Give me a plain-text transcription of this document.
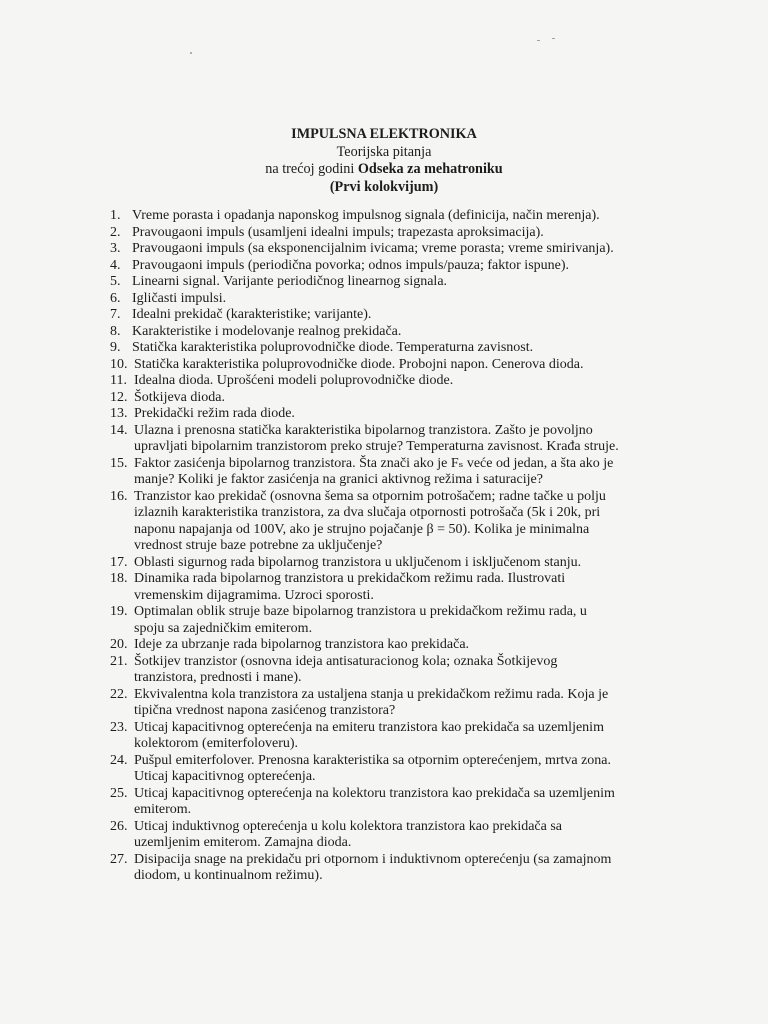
IMPULSNA ELEKTRONIKA
Teorijska pitanja
na trećoj godini Odseka za mehatroniku
(Prvi kolokvijum)
1. Vreme porasta i opadanja naponskog impulsnog signala (definicija, način merenja).
2. Pravougaoni impuls (usamljeni idealni impuls; trapezasta aproksimacija).
3. Pravougaoni impuls (sa eksponencijalnim ivicama; vreme porasta; vreme smirivanja).
4. Pravougaoni impuls (periodična povorka; odnos impuls/pauza; faktor ispune).
5. Linearni signal. Varijante periodičnog linearnog signala.
6. Igličasti impulsi.
7. Idealni prekidač (karakteristike; varijante).
8. Karakteristike i modelovanje realnog prekidača.
9. Statička karakteristika poluprovodničke diode. Temperaturna zavisnost.
10. Statička karakteristika poluprovodničke diode. Probojni napon. Cenerova dioda.
11. Idealna dioda. Uprošćeni modeli poluprovodničke diode.
12. Šotkijeva dioda.
13. Prekidački režim rada diode.
14. Ulazna i prenosna statička karakteristika bipolarnog tranzistora. Zašto je povoljno
upravljati bipolarnim tranzistorom preko struje? Temperaturna zavisnost. Krađa struje.
15. Faktor zasićenja bipolarnog tranzistora. Šta znači ako je Fₛ veće od jedan, a šta ako je
manje? Koliki je faktor zasićenja na granici aktivnog režima i saturacije?
16. Tranzistor kao prekidač (osnovna šema sa otpornim potrošačem; radne tačke u polju
izlaznih karakteristika tranzistora, za dva slučaja otpornosti potrošača (5k i 20k, pri
naponu napajanja od 100V, ako je strujno pojačanje β = 50). Kolika je minimalna
vrednost struje baze potrebne za uključenje?
17. Oblasti sigurnog rada bipolarnog tranzistora u uključenom i isključenom stanju.
18. Dinamika rada bipolarnog tranzistora u prekidačkom režimu rada. Ilustrovati
vremenskim dijagramima. Uzroci sporosti.
19. Optimalan oblik struje baze bipolarnog tranzistora u prekidačkom režimu rada, u
spoju sa zajedničkim emiterom.
20. Ideje za ubrzanje rada bipolarnog tranzistora kao prekidača.
21. Šotkijev tranzistor (osnovna ideja antisaturacionog kola; oznaka Šotkijevog
tranzistora, prednosti i mane).
22. Ekvivalentna kola tranzistora za ustaljena stanja u prekidačkom režimu rada. Koja je
tipična vrednost napona zasićenog tranzistora?
23. Uticaj kapacitivnog opterećenja na emiteru tranzistora kao prekidača sa uzemljenim
kolektorom (emiterfoloveru).
24. Pušpul emiterfolover. Prenosna karakteristika sa otpornim opterećenjem, mrtva zona.
Uticaj kapacitivnog opterećenja.
25. Uticaj kapacitivnog opterećenja na kolektoru tranzistora kao prekidača sa uzemljenim
emiterom.
26. Uticaj induktivnog opterećenja u kolu kolektora tranzistora kao prekidača sa
uzemljenim emiterom. Zamajna dioda.
27. Disipacija snage na prekidaču pri otpornom i induktivnom opterećenju (sa zamajnom
diodom, u kontinualnom režimu).
